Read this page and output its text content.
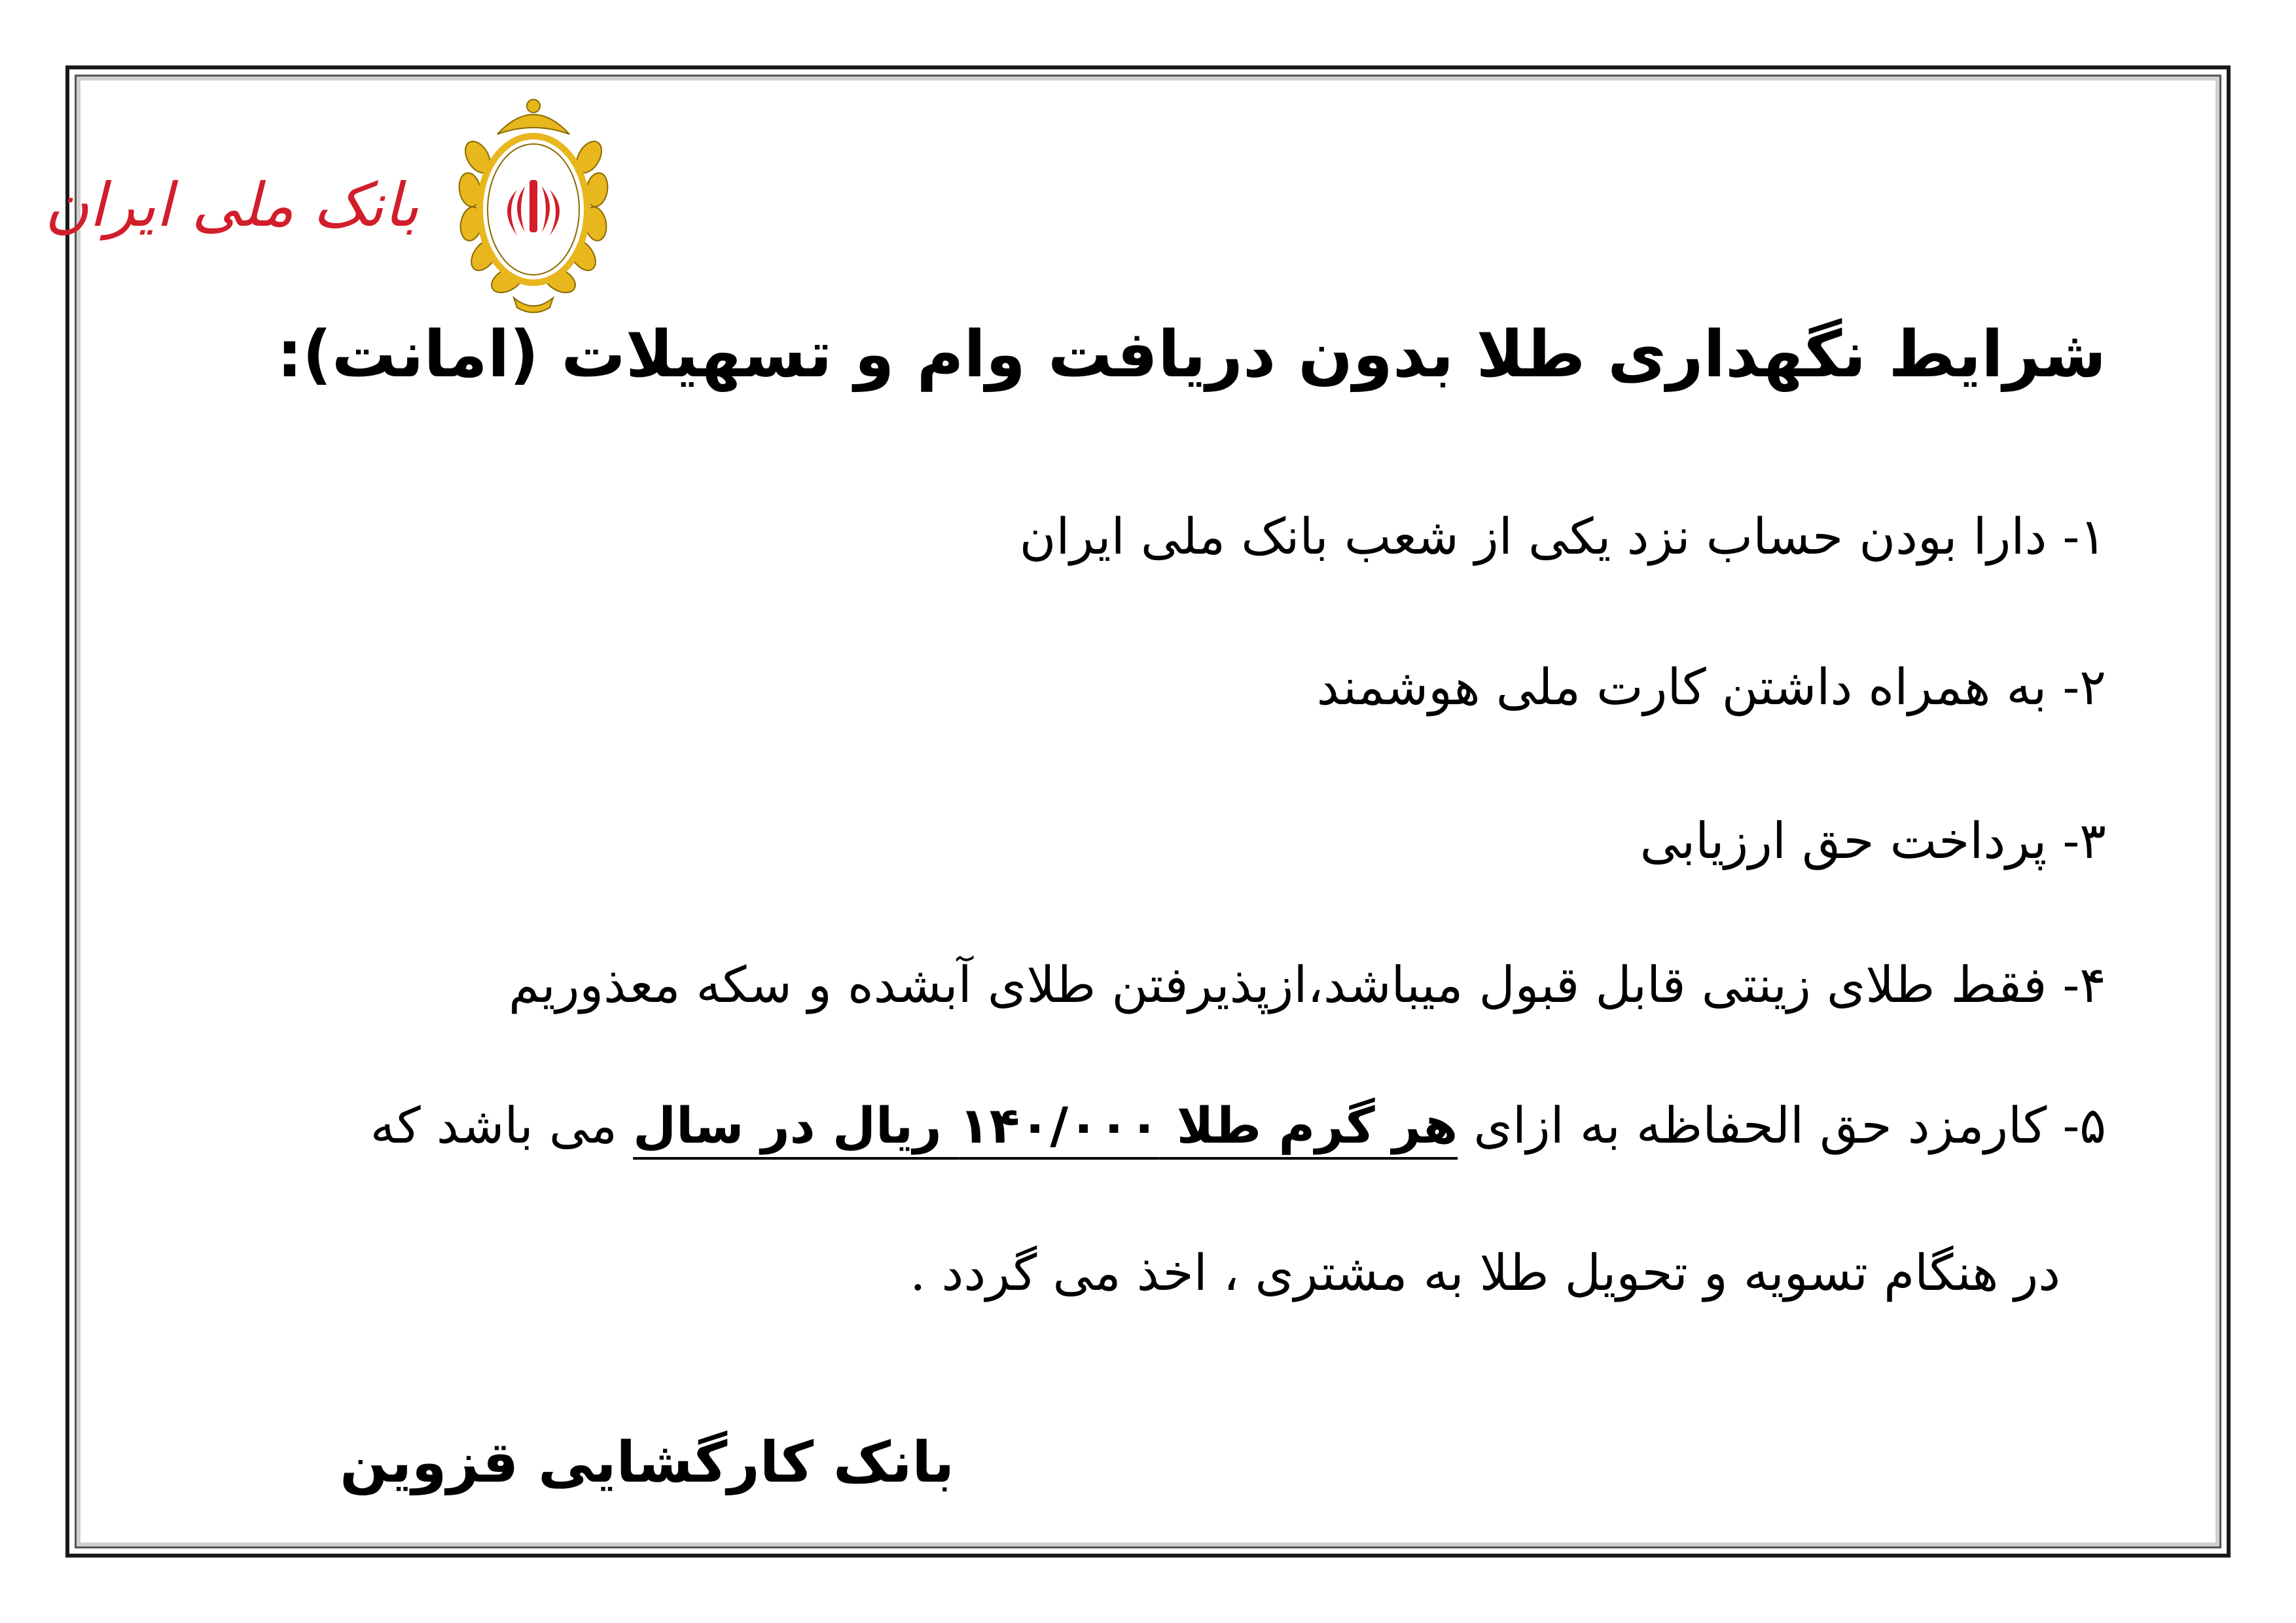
بانک ملی ایران
شرایط نگهداری طلا بدون دریافت وام و تسهیلات (امانت):
۱- دارا بودن حساب نزد یکی از شعب بانک ملی ایران
۲- به همراه داشتن کارت ملی هوشمند
۳- پرداخت حق ارزیابی
۴- فقط طلای زینتی قابل قبول میباشد،ازپذیرفتن طلای آبشده و سکه معذوریم
۵- کارمزد حق الحفاظه به ازای هر گرم طلا ۱۴۰/۰۰۰ ریال در سال می باشد که
در هنگام تسویه و تحویل طلا به مشتری ، اخذ می گردد .
بانک کارگشایی قزوین
